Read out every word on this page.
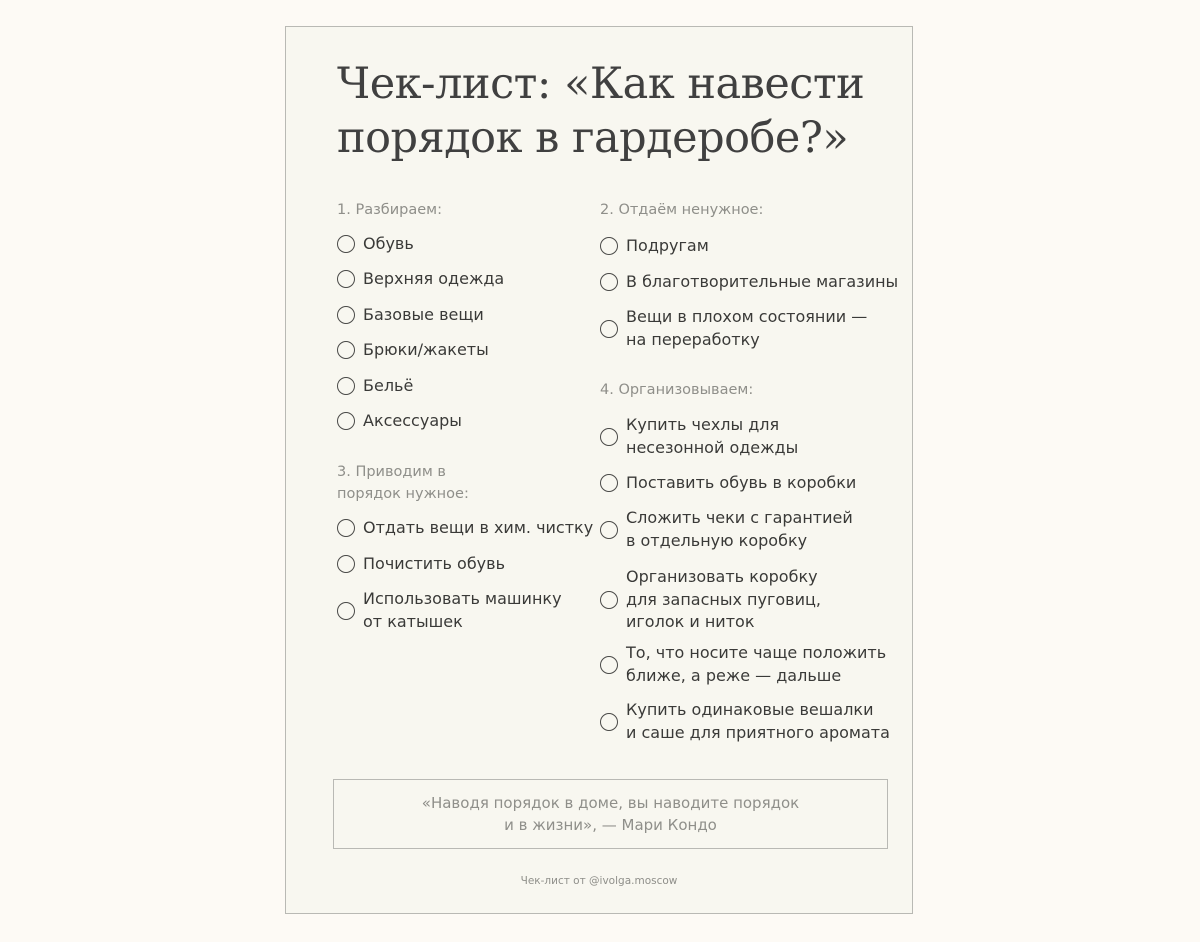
Чек-лист: «Как навести
порядок в гардеробе?»
1. Разбираем:
Обувь
Верхняя одежда
Базовые вещи
Брюки/жакеты
Бельё
Аксессуары
3. Приводим в
порядок нужное:
Отдать вещи в хим. чистку
Почистить обувь
Использовать машинку
от катышек
2. Отдаём ненужное:
Подругам
В благотворительные магазины
Вещи в плохом состоянии —
на переработку
4. Организовываем:
Купить чехлы для
несезонной одежды
Поставить обувь в коробки
Сложить чеки с гарантией
в отдельную коробку
Организовать коробку
для запасных пуговиц,
иголок и ниток
То, что носите чаще положить
ближе, а реже — дальше
Купить одинаковые вешалки
и саше для приятного аромата
«Наводя порядок в доме, вы наводите порядок
и в жизни», — Мари Кондо
Чек-лист от @ivolga.moscow
